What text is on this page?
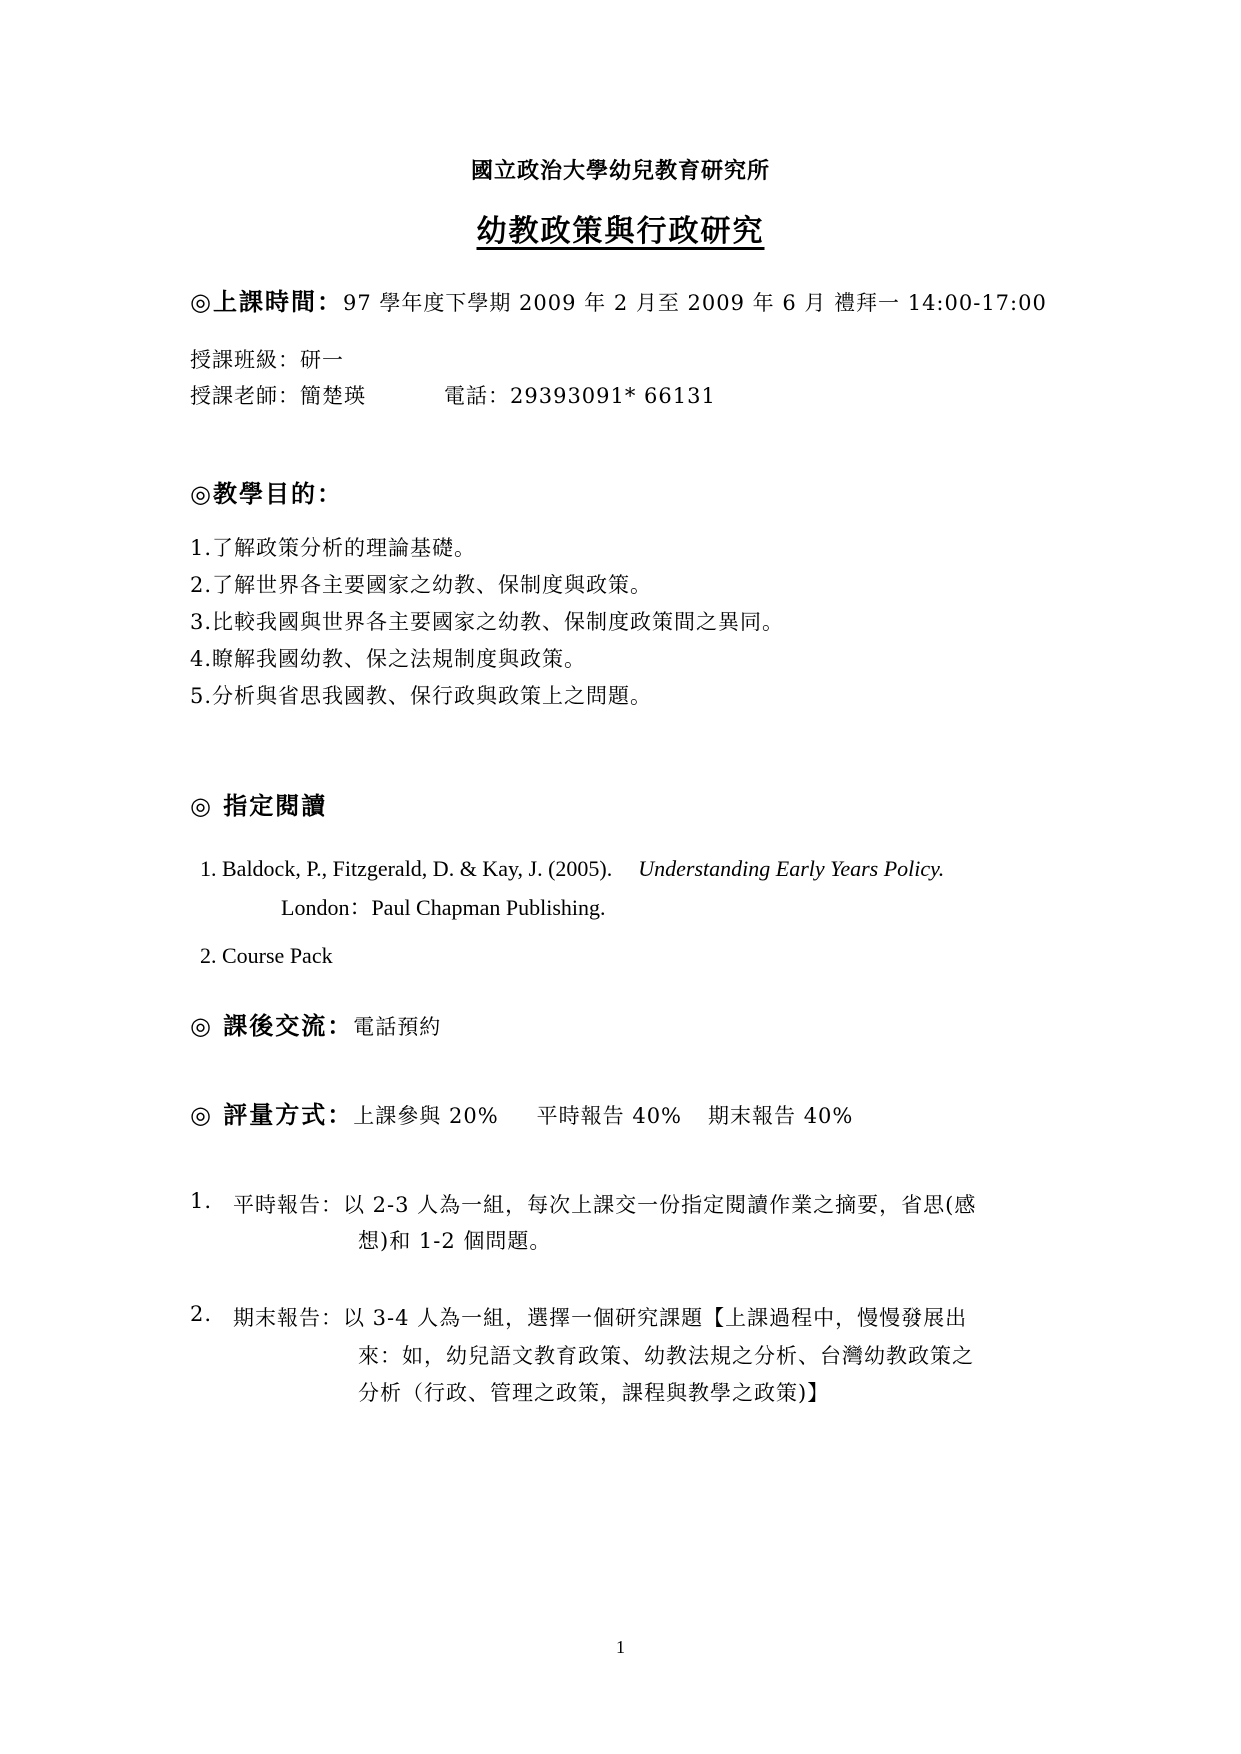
國立政治大學幼兒教育研究所
幼教政策與行政研究
◎上課時間：97 學年度下學期 2009 年 2 月至 2009 年 6 月 禮拜一 14:00-17:00
授課班級：研一
授課老師：簡楚瑛	電話：29393091* 66131
◎教學目的：
1.了解政策分析的理論基礎。
2.了解世界各主要國家之幼教、保制度與政策。
3.比較我國與世界各主要國家之幼教、保制度政策間之異同。
4.瞭解我國幼教、保之法規制度與政策。
5.分析與省思我國教、保行政與政策上之問題。
◎ 指定閱讀
1. Baldock, P., Fitzgerald, D. & Kay, J. (2005). Understanding Early Years Policy.
London：Paul Chapman Publishing.
2. Course Pack
◎ 課後交流：電話預約
◎ 評量方式：上課參與 20% 平時報告 40% 期末報告 40%
1. 平時報告：以 2-3 人為一組，每次上課交一份指定閱讀作業之摘要，省思(感
想)和 1-2 個問題。
2. 期末報告：以 3-4 人為一組，選擇一個研究課題【上課過程中，慢慢發展出
來：如，幼兒語文教育政策、幼教法規之分析、台灣幼教政策之
分析（行政、管理之政策，課程與教學之政策)】
1
